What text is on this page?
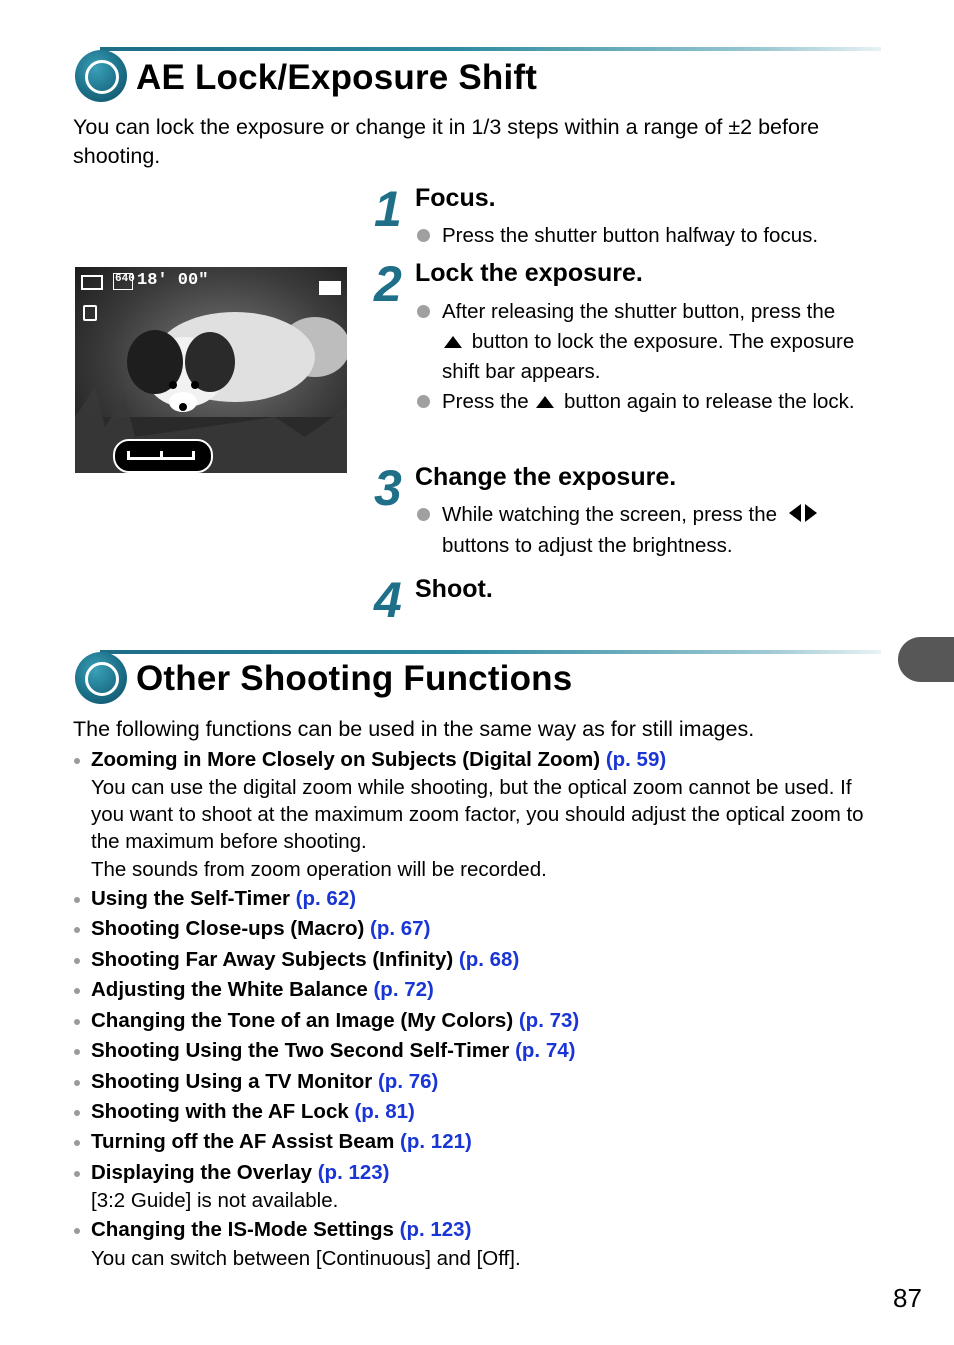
AE Lock/Exposure Shift
You can lock the exposure or change it in 1/3 steps within a range of ±2 before shooting.
640 18' 00"
1 Focus.
Press the shutter button halfway to focus.
2 Lock the exposure.
After releasing the shutter button, press the
button to lock the exposure. The exposure shift bar appears.
Press the button again to release the lock.
3 Change the exposure.
While watching the screen, press the
buttons to adjust the brightness.
4 Shoot.
Other Shooting Functions
The following functions can be used in the same way as for still images.
Zooming in More Closely on Subjects (Digital Zoom) (p. 59)
You can use the digital zoom while shooting, but the optical zoom cannot be used. If you want to shoot at the maximum zoom factor, you should adjust the optical zoom to the maximum before shooting.
The sounds from zoom operation will be recorded.
Using the Self-Timer (p. 62)
Shooting Close-ups (Macro) (p. 67)
Shooting Far Away Subjects (Infinity) (p. 68)
Adjusting the White Balance (p. 72)
Changing the Tone of an Image (My Colors) (p. 73)
Shooting Using the Two Second Self-Timer (p. 74)
Shooting Using a TV Monitor (p. 76)
Shooting with the AF Lock (p. 81)
Turning off the AF Assist Beam (p. 121)
Displaying the Overlay (p. 123)
[3:2 Guide] is not available.
Changing the IS-Mode Settings (p. 123)
You can switch between [Continuous] and [Off].
87
